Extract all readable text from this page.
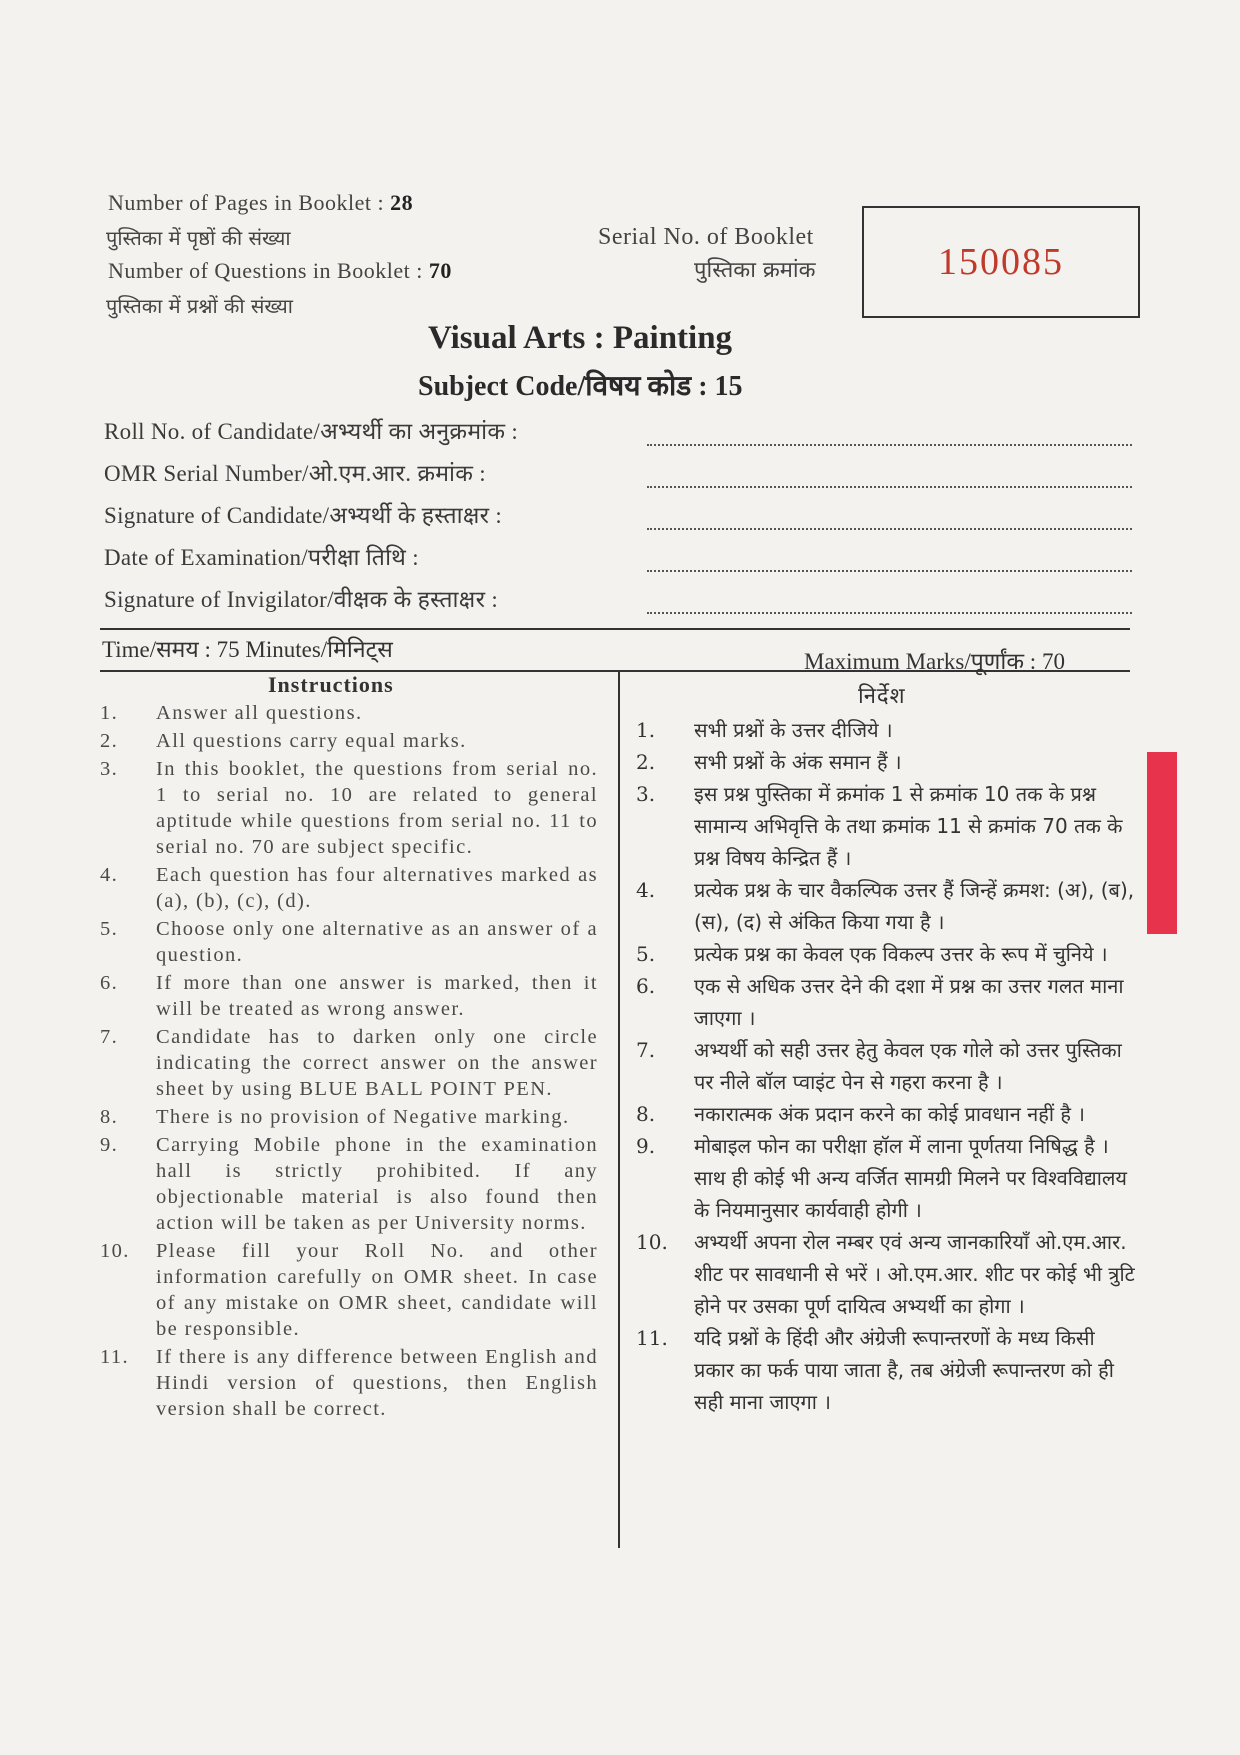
Number of Pages in Booklet : 28
पुस्तिका में पृष्ठों की संख्या
Number of Questions in Booklet : 70
पुस्तिका में प्रश्नों की संख्या
Serial No. of Booklet
पुस्तिका क्रमांक	150085
Visual Arts : Painting
Subject Code/विषय कोड : 15
Roll No. of Candidate/अभ्यर्थी का अनुक्रमांक :
OMR Serial Number/ओ.एम.आर. क्रमांक :
Signature of Candidate/अभ्यर्थी के हस्ताक्षर :
Date of Examination/परीक्षा तिथि :
Signature of Invigilator/वीक्षक के हस्ताक्षर :
Time/समय : 75 Minutes/मिनिट्स	Maximum Marks/पूर्णांक : 70
Instructions

1. Answer all questions.

2. All questions carry equal marks.

3. In this booklet, the questions from serial no. 1 to serial no. 10 are related to general aptitude while questions from serial no. 11 to serial no. 70 are subject specific.

4. Each question has four alternatives marked as (a), (b), (c), (d).

5. Choose only one alternative as an answer of a question.

6. If more than one answer is marked, then it will be treated as wrong answer.

7. Candidate has to darken only one circle indicating the correct answer on the answer sheet by using BLUE BALL POINT PEN.

8. There is no provision of Negative marking.

9. Carrying Mobile phone in the examination hall is strictly prohibited. If any objectionable material is also found then action will be taken as per University norms.

10. Please fill your Roll No. and other information carefully on OMR sheet. In case of any mistake on OMR sheet, candidate will be responsible.

11. If there is any difference between English and Hindi version of questions, then English version shall be correct.

निर्देश

1. सभी प्रश्नों के उत्तर दीजिये ।

2. सभी प्रश्नों के अंक समान हैं ।

3. इस प्रश्न पुस्तिका में क्रमांक 1 से क्रमांक 10 तक के प्रश्न सामान्य अभिवृत्ति के तथा क्रमांक 11 से क्रमांक 70 तक के प्रश्न विषय केन्द्रित हैं ।

4. प्रत्येक प्रश्न के चार वैकल्पिक उत्तर हैं जिन्हें क्रमश: (अ), (ब), (स), (द) से अंकित किया गया है ।

5. प्रत्येक प्रश्न का केवल एक विकल्प उत्तर के रूप में चुनिये ।

6. एक से अधिक उत्तर देने की दशा में प्रश्न का उत्तर गलत माना जाएगा ।

7. अभ्यर्थी को सही उत्तर हेतु केवल एक गोले को उत्तर पुस्तिका पर नीले बॉल प्वाइंट पेन से गहरा करना है ।

8. नकारात्मक अंक प्रदान करने का कोई प्रावधान नहीं है ।

9. मोबाइल फोन का परीक्षा हॉल में लाना पूर्णतया निषिद्ध है । साथ ही कोई भी अन्य वर्जित सामग्री मिलने पर विश्वविद्यालय के नियमानुसार कार्यवाही होगी ।

10. अभ्यर्थी अपना रोल नम्बर एवं अन्य जानकारियाँ ओ.एम.आर. शीट पर सावधानी से भरें । ओ.एम.आर. शीट पर कोई भी त्रुटि होने पर उसका पूर्ण दायित्व अभ्यर्थी का होगा ।

11. यदि प्रश्नों के हिंदी और अंग्रेजी रूपान्तरणों के मध्य किसी प्रकार का फर्क पाया जाता है, तब अंग्रेजी रूपान्तरण को ही सही माना जाएगा ।
